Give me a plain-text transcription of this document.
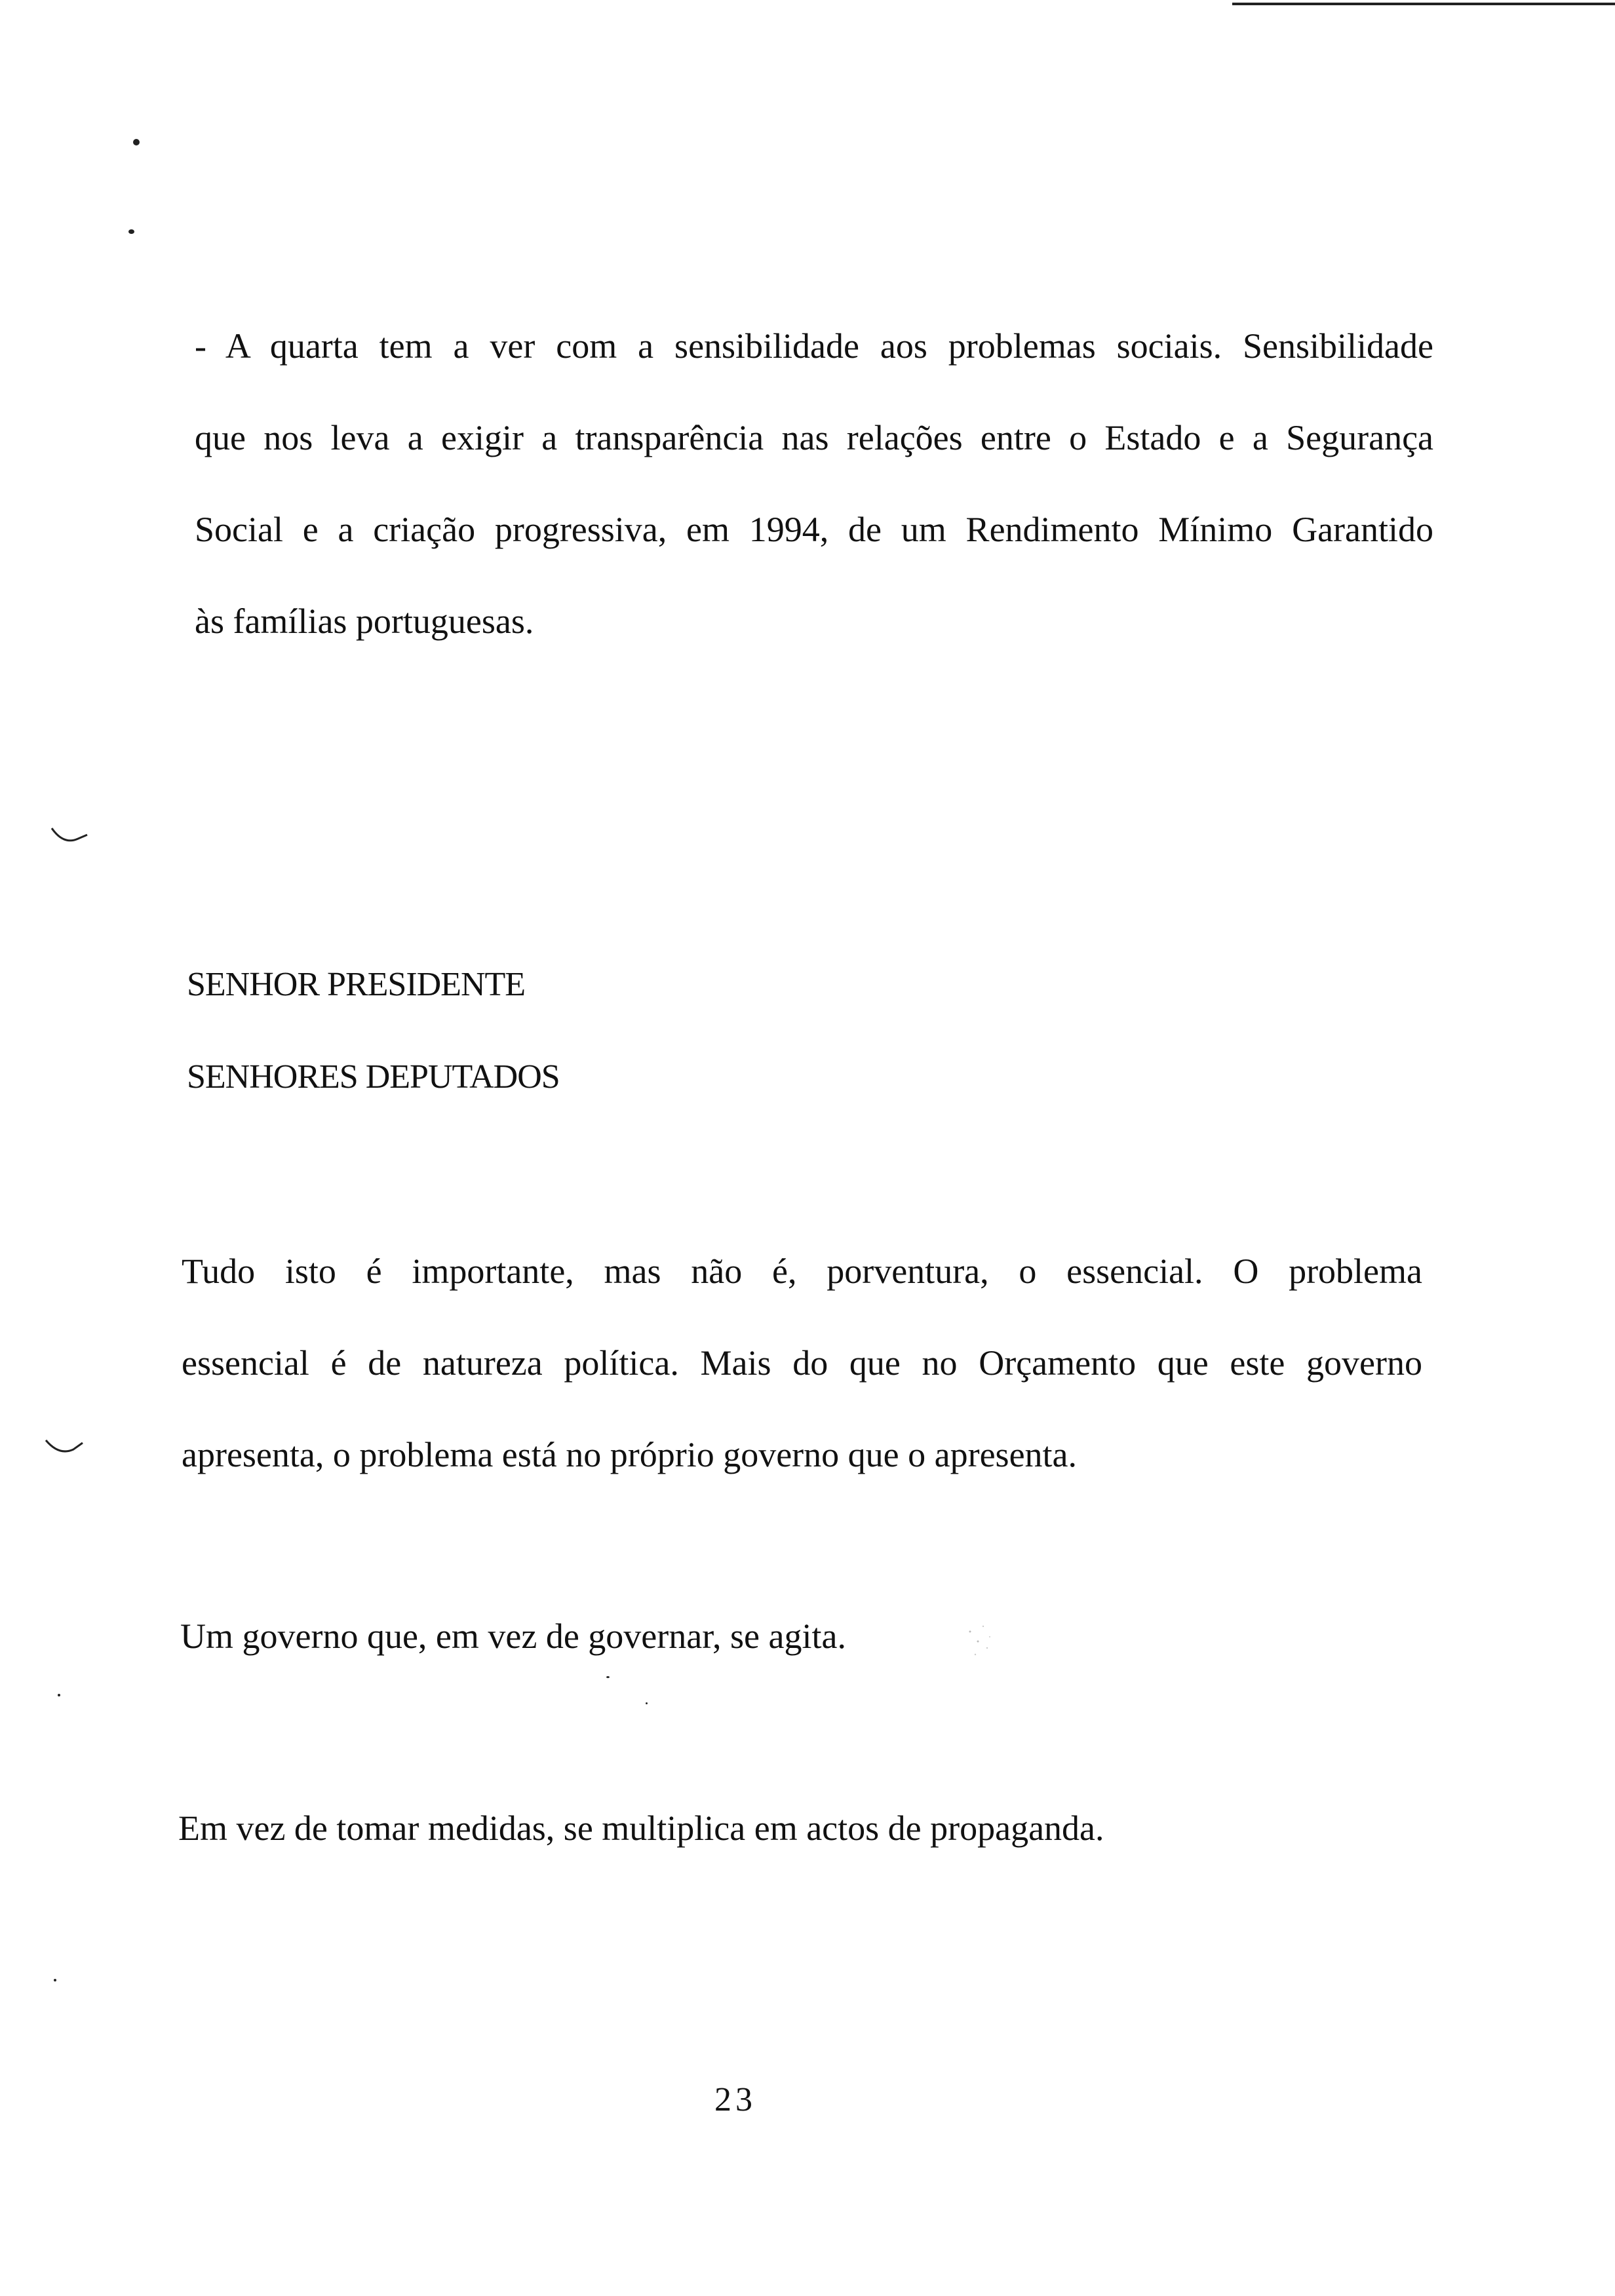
- A quarta tem a ver com a sensibilidade aos problemas sociais. Sensibilidade
que nos leva a exigir a transparência nas relações entre o Estado e a Segurança
Social e a criação progressiva, em 1994, de um Rendimento Mínimo Garantido
às famílias portuguesas.

SENHOR PRESIDENTE

SENHORES DEPUTADOS

Tudo isto é importante, mas não é, porventura, o essencial. O problema
essencial é de natureza política. Mais do que no Orçamento que este governo
apresenta, o problema está no próprio governo que o apresenta.

Um governo que, em vez de governar, se agita.

Em vez de tomar medidas, se multiplica em actos de propaganda.

23
